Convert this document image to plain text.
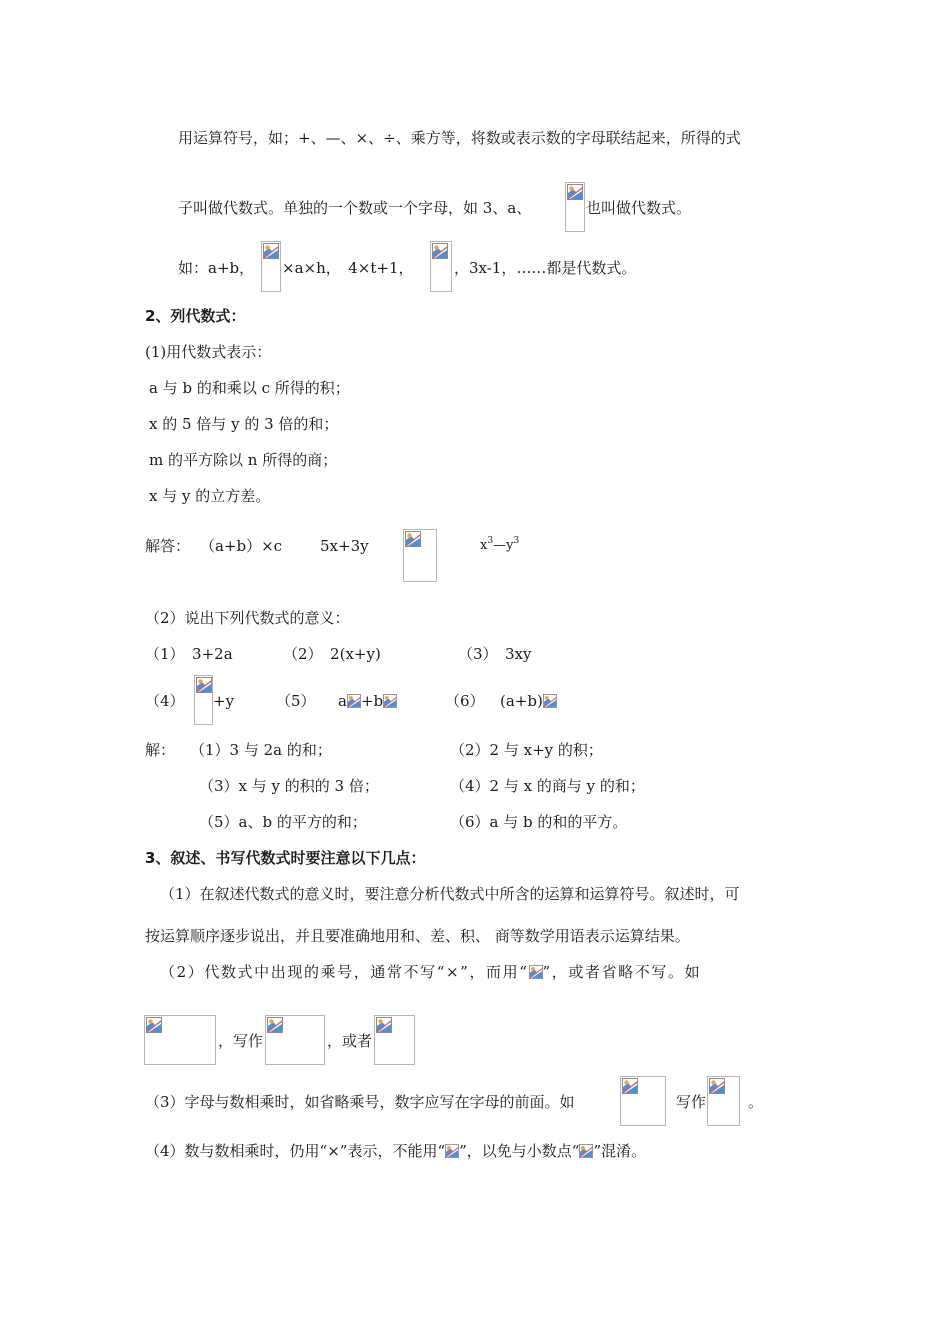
用运算符号，如；+、—、×、÷、乘方等，将数或表示数的字母联结起来，所得的式
子叫做代数式。单独的一个数或一个字母，如 3、a、	也叫做代数式。
如：a+b， ×a×h，　4×t+1，	，3x-1，……都是代数式。
2、列代数式：
(1)用代数式表示：
a 与 b 的和乘以 c 所得的积；
x 的 5 倍与 y 的 3 倍的和；
m 的平方除以 n 所得的商；
x 与 y 的立方差。
解答： （a+b）×c	5x+3y	$x^3—y^3$
（2）说出下列代数式的意义：
（1）　3+2a	（2）　2(x+y)	（3）　3xy
（4） +y	（5） a +b	（6） (a+b)
解： （1）3 与 2a 的和；	（2）2 与 x+y 的积；
（3）x 与 y 的积的 3 倍；	（4）2 与 x 的商与 y 的和；
（5）a、b 的平方的和；	（6）a 与 b 的和的平方。
3、叙述、书写代数式时要注意以下几点：
（1）在叙述代数式的意义时，要注意分析代数式中所含的运算和运算符号。叙述时，可
按运算顺序逐步说出，并且要准确地用和、差、积、 商等数学用语表示运算结果。
（2）代数式中出现的乘号，通常不写“×”，而用“ ”，或者省略不写。如
，写作	，或者
（3）字母与数相乘时，如省略乘号，数字应写在字母的前面。如	写作	。
（4）数与数相乘时，仍用“×”表示，不能用“ ”，以免与小数点“ ”混淆。
